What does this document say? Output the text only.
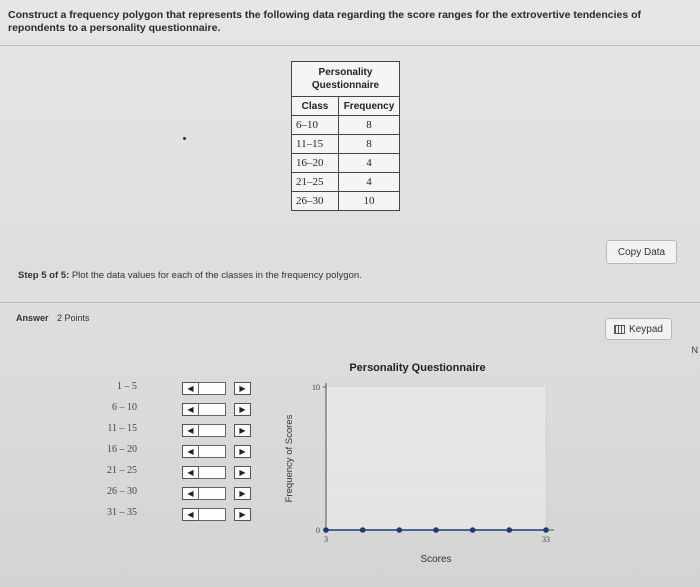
Construct a frequency polygon that represents the following data regarding the score ranges for the extrovertive tendencies of repondents to a personality questionnaire.
Personality
Questionnaire	
Class	Frequency
6–10	8
11–15	8
16–20	4
21–25	4
26–30	10
Copy Data
Step 5 of 5: Plot the data values for each of the classes in the frequency polygon.
Answer 2 Points
Keypad
N
1 – 5	◀	▶
6 – 10	◀	▶
11 – 15	◀	▶
16 – 20	◀	▶
21 – 25	◀	▶
26 – 30	◀	▶
31 – 35	◀	▶
Personality Questionnaire
10
0
3	33
Scores
Frequency of Scores
